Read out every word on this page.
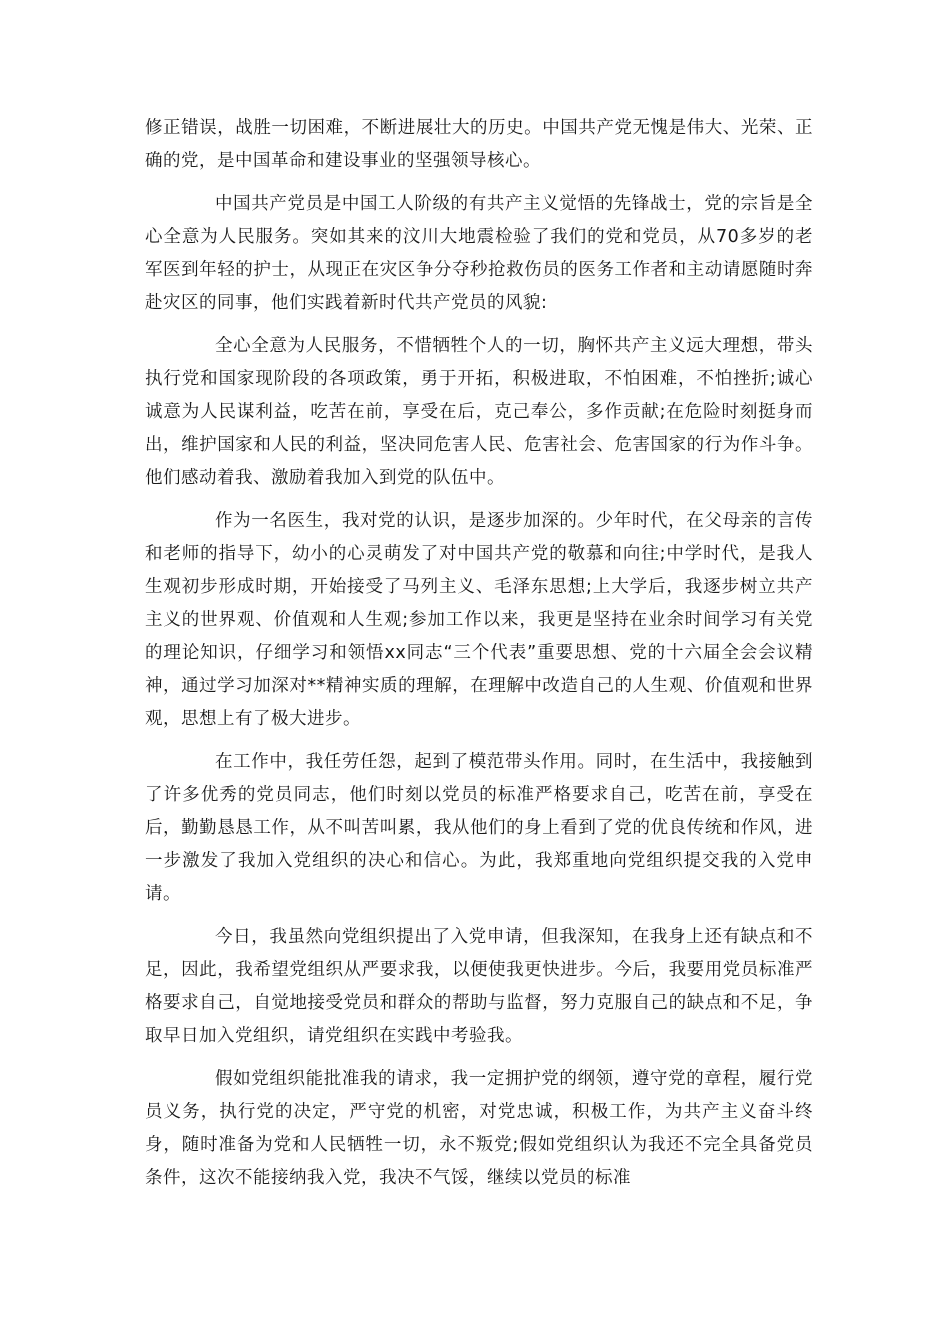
修正错误，战胜一切困难，不断进展壮大的历史。中国共产党无愧是伟大、光荣、正确的党，是中国革命和建设事业的坚强领导核心。

中国共产党员是中国工人阶级的有共产主义觉悟的先锋战士，党的宗旨是全心全意为人民服务。突如其来的汶川大地震检验了我们的党和党员，从70多岁的老军医到年轻的护士，从现正在灾区争分夺秒抢救伤员的医务工作者和主动请愿随时奔赴灾区的同事，他们实践着新时代共产党员的风貌:

全心全意为人民服务，不惜牺牲个人的一切，胸怀共产主义远大理想，带头执行党和国家现阶段的各项政策，勇于开拓，积极进取，不怕困难，不怕挫折;诚心诚意为人民谋利益，吃苦在前，享受在后，克己奉公，多作贡献;在危险时刻挺身而出，维护国家和人民的利益，坚决同危害人民、危害社会、危害国家的行为作斗争。他们感动着我、激励着我加入到党的队伍中。

作为一名医生，我对党的认识，是逐步加深的。少年时代，在父母亲的言传和老师的指导下，幼小的心灵萌发了对中国共产党的敬慕和向往;中学时代，是我人生观初步形成时期，开始接受了马列主义、毛泽东思想;上大学后，我逐步树立共产主义的世界观、价值观和人生观;参加工作以来，我更是坚持在业余时间学习有关党的理论知识，仔细学习和领悟xx同志“三个代表”重要思想、党的十六届全会会议精神，通过学习加深对**精神实质的理解，在理解中改造自己的人生观、价值观和世界观，思想上有了极大进步。

在工作中，我任劳任怨，起到了模范带头作用。同时，在生活中，我接触到了许多优秀的党员同志，他们时刻以党员的标准严格要求自己，吃苦在前，享受在后，勤勤恳恳工作，从不叫苦叫累，我从他们的身上看到了党的优良传统和作风，进一步激发了我加入党组织的决心和信心。为此，我郑重地向党组织提交我的入党申请。

今日，我虽然向党组织提出了入党申请，但我深知，在我身上还有缺点和不足，因此，我希望党组织从严要求我，以便使我更快进步。今后，我要用党员标准严格要求自己，自觉地接受党员和群众的帮助与监督，努力克服自己的缺点和不足，争取早日加入党组织，请党组织在实践中考验我。

假如党组织能批准我的请求，我一定拥护党的纲领，遵守党的章程，履行党员义务，执行党的决定，严守党的机密，对党忠诚，积极工作，为共产主义奋斗终身，随时准备为党和人民牺牲一切，永不叛党;假如党组织认为我还不完全具备党员条件，这次不能接纳我入党，我决不气馁，继续以党员的标准
